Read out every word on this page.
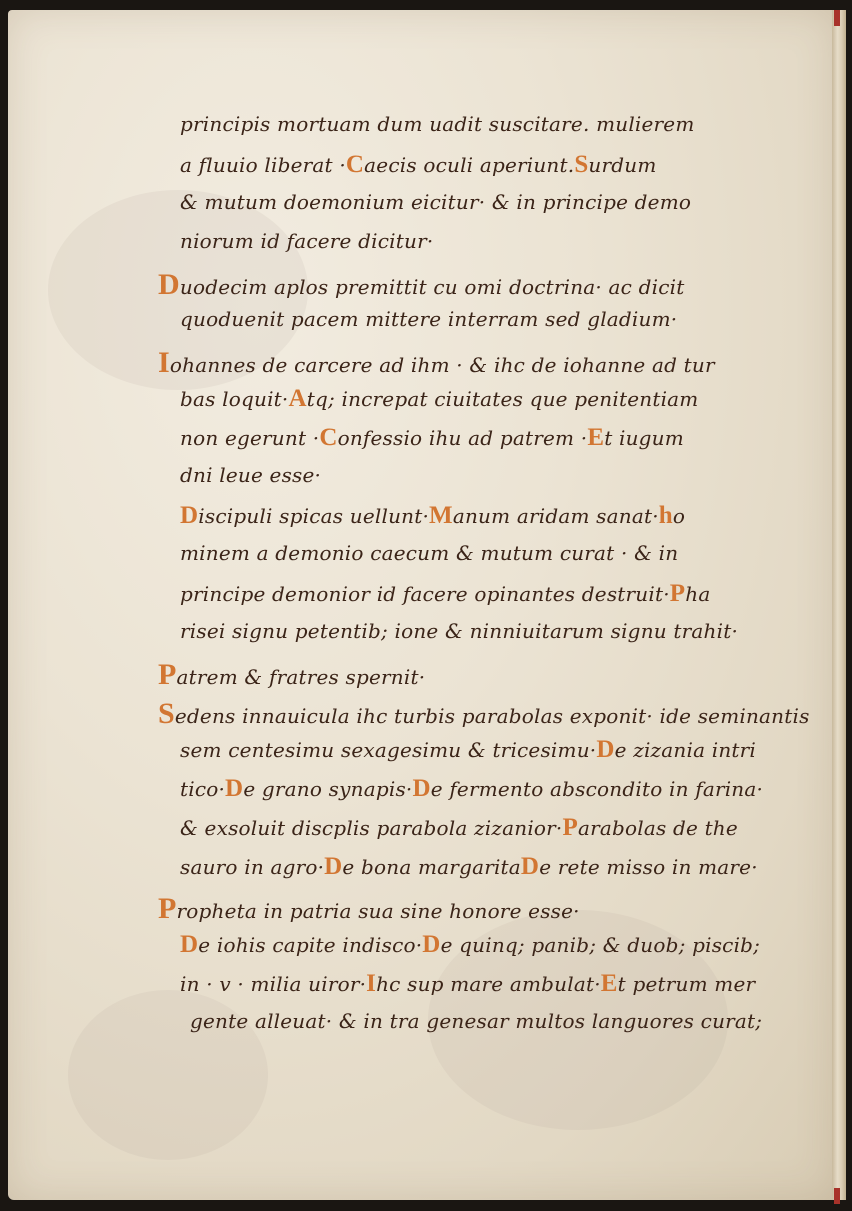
principis mortuam dum uadit suscitare. mulierem
a fluuio liberat ·Caecis oculi aperiunt.Surdum
& mutum doemonium eicitur· & in principe demo
niorum id facere dicitur·
Duodecim aplos premittit cu omi doctrina· ac dicit
quoduenit pacem mittere interram sed gladium·
Iohannes de carcere ad ihm · & ihc de iohanne ad tur
bas loquit·Atq; increpat ciuitates que penitentiam
non egerunt ·Confessio ihu ad patrem ·Et iugum
dni leue esse·
Discipuli spicas uellunt·Manum aridam sanat·ho
minem a demonio caecum & mutum curat · & in
principe demonior id facere opinantes destruit·Pha
risei signu petentib; ione & ninniuitarum signu trahit·
Patrem & fratres spernit·
Sedens innauicula ihc turbis parabolas exponit· ide seminantis
sem centesimu sexagesimu & tricesimu·De zizania intri
tico·De grano synapis·De fermento abscondito in farina·
& exsoluit discplis parabola zizanior·Parabolas de the
sauro in agro·De bona margaritaDe rete misso in mare·
Propheta in patria sua sine honore esse·
De iohis capite indisco·De quinq; panib; & duob; piscib;
in · v · milia uiror·Ihc sup mare ambulat·Et petrum mer
gente alleuat· & in tra genesar multos languores curat;
